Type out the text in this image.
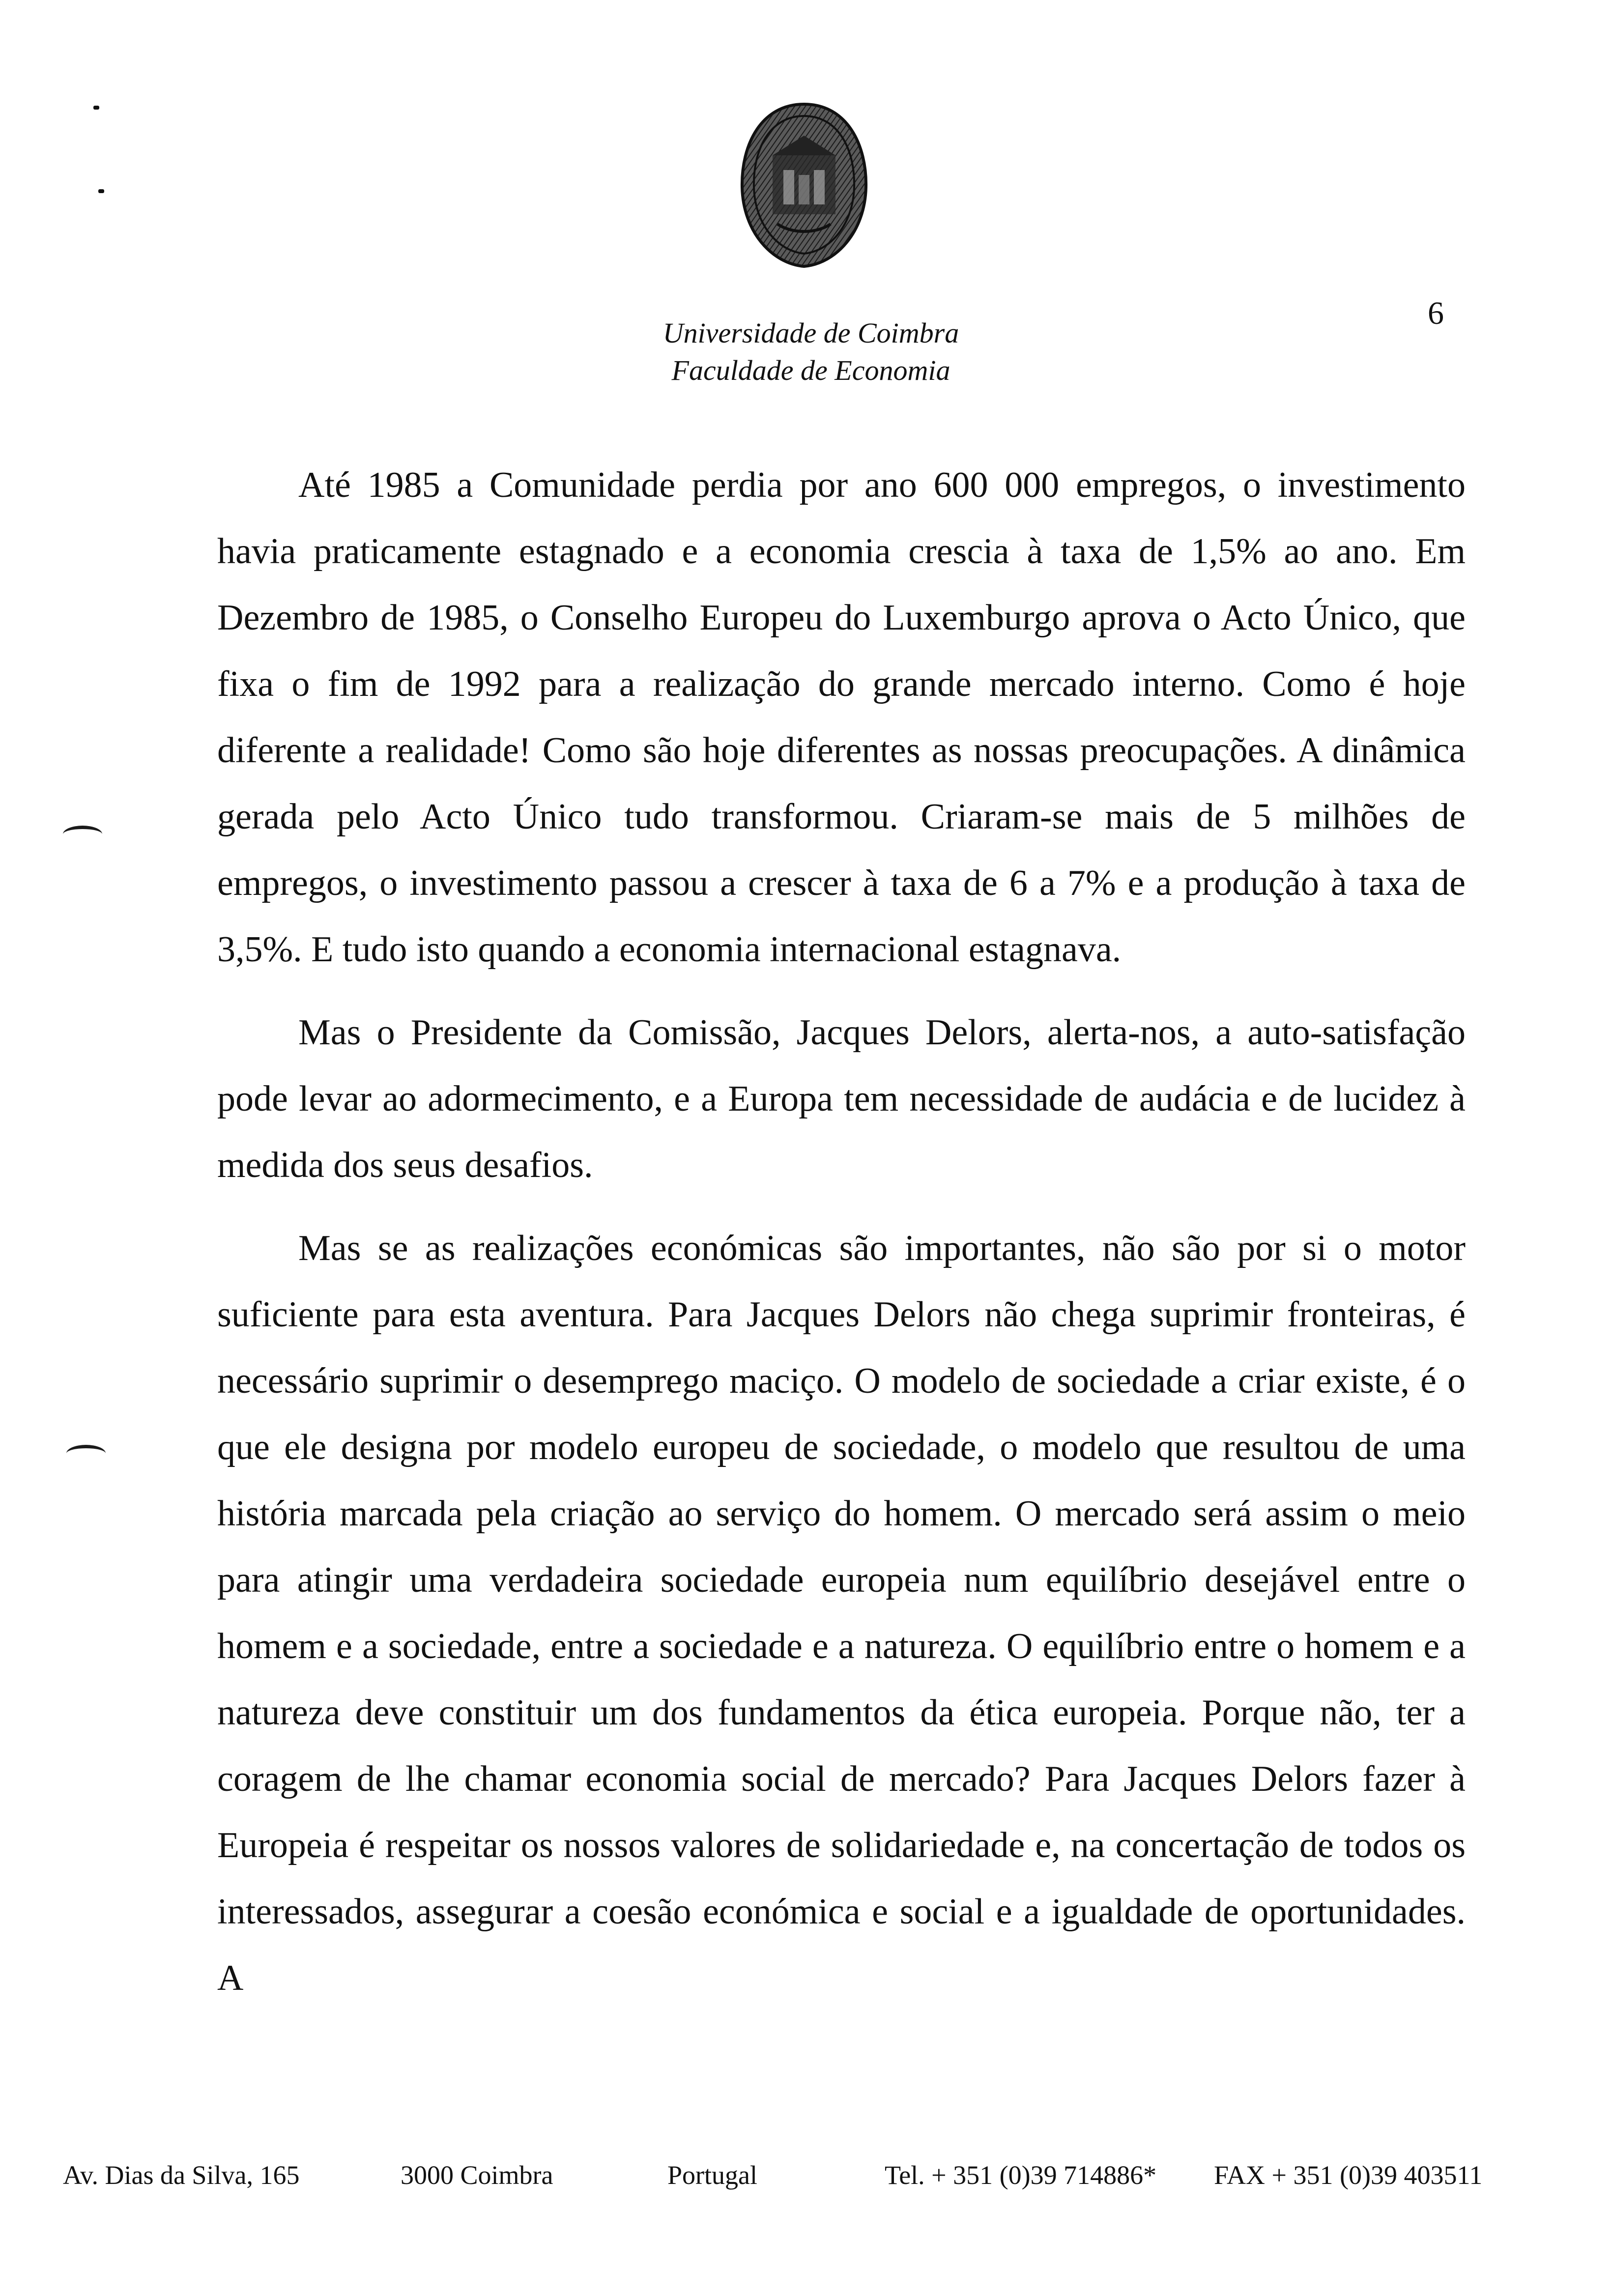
Universidade de Coimbra
Faculdade de Economia
6

Até 1985 a Comunidade perdia por ano 600 000 empregos, o investimento havia praticamente estagnado e a economia crescia à taxa de 1,5% ao ano. Em Dezembro de 1985, o Conselho Europeu do Luxemburgo aprova o Acto Único, que fixa o fim de 1992 para a realização do grande mercado interno. Como é hoje diferente a realidade! Como são hoje diferentes as nossas preocupações. A dinâmica gerada pelo Acto Único tudo transformou. Criaram-se mais de 5 milhões de empregos, o investimento passou a crescer à taxa de 6 a 7% e a produção à taxa de 3,5%. E tudo isto quando a economia internacional estagnava.

Mas o Presidente da Comissão, Jacques Delors, alerta-nos, a auto-satisfação pode levar ao adormecimento, e a Europa tem necessidade de audácia e de lucidez à medida dos seus desafios.

Mas se as realizações económicas são importantes, não são por si o motor suficiente para esta aventura. Para Jacques Delors não chega suprimir fronteiras, é necessário suprimir o desemprego maciço. O modelo de sociedade a criar existe, é o que ele designa por modelo europeu de sociedade, o modelo que resultou de uma história marcada pela criação ao serviço do homem. O mercado será assim o meio para atingir uma verdadeira sociedade europeia num equilíbrio desejável entre o homem e a sociedade, entre a sociedade e a natureza. O equilíbrio entre o homem e a natureza deve constituir um dos fundamentos da ética europeia. Porque não, ter a coragem de lhe chamar economia social de mercado? Para Jacques Delors fazer à Europeia é respeitar os nossos valores de solidariedade e, na concertação de todos os interessados, assegurar a coesão económica e social e a igualdade de oportunidades. A

Av. Dias da Silva, 165	3000 Coimbra	Portugal	Tel. + 351 (0)39 714886* FAX + 351 (0)39 403511
